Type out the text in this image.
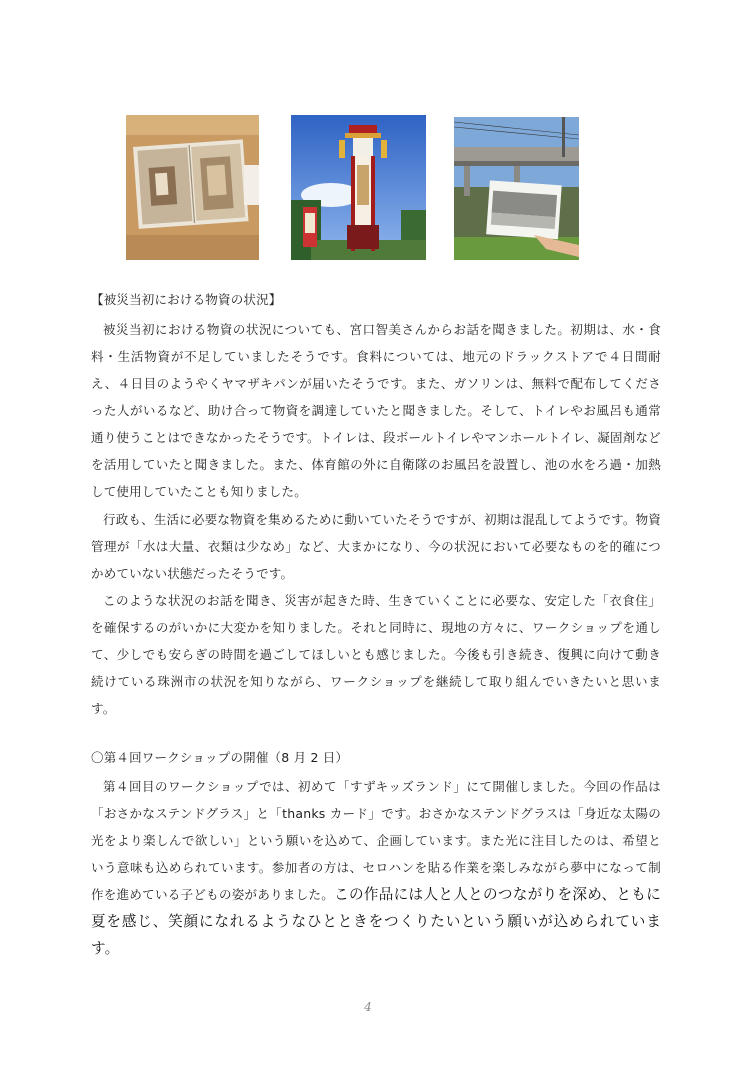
【被災当初における物資の状況】

被災当初における物資の状況についても、宮口智美さんからお話を聞きました。初期は、水・食料・生活物資が不足していましたそうです。食料については、地元のドラックストアで４日間耐え、４日目のようやくヤマザキパンが届いたそうです。また、ガソリンは、無料で配布してくださった人がいるなど、助け合って物資を調達していたと聞きました。そして、トイレやお風呂も通常通り使うことはできなかったそうです。トイレは、段ボールトイレやマンホールトイレ、凝固剤などを活用していたと聞きました。また、体育館の外に自衛隊のお風呂を設置し、池の水をろ過・加熱して使用していたことも知りました。

行政も、生活に必要な物資を集めるために動いていたそうですが、初期は混乱してようです。物資管理が「水は大量、衣類は少なめ」など、大まかになり、今の状況において必要なものを的確につかめていない状態だったそうです。

このような状況のお話を聞き、災害が起きた時、生きていくことに必要な、安定した「衣食住」を確保するのがいかに大変かを知りました。それと同時に、現地の方々に、ワークショップを通して、少しでも安らぎの時間を過ごしてほしいとも感じました。今後も引き続き、復興に向けて動き続けている珠洲市の状況を知りながら、ワークショップを継続して取り組んでいきたいと思います。

〇第４回ワークショップの開催（8 月 2 日）

第４回目のワークショップでは、初めて「すずキッズランド」にて開催しました。今回の作品は「おさかなステンドグラス」と「thanks カード」です。おさかなステンドグラスは「身近な太陽の光をより楽しんで欲しい」という願いを込めて、企画しています。また光に注目したのは、希望という意味も込められています。参加者の方は、セロハンを貼る作業を楽しみながら夢中になって制作を進めている子どもの姿がありました。この作品には人と人とのつながりを深め、ともに夏を感じ、笑顔になれるようなひとときをつくりたいという願いが込められています。

4
